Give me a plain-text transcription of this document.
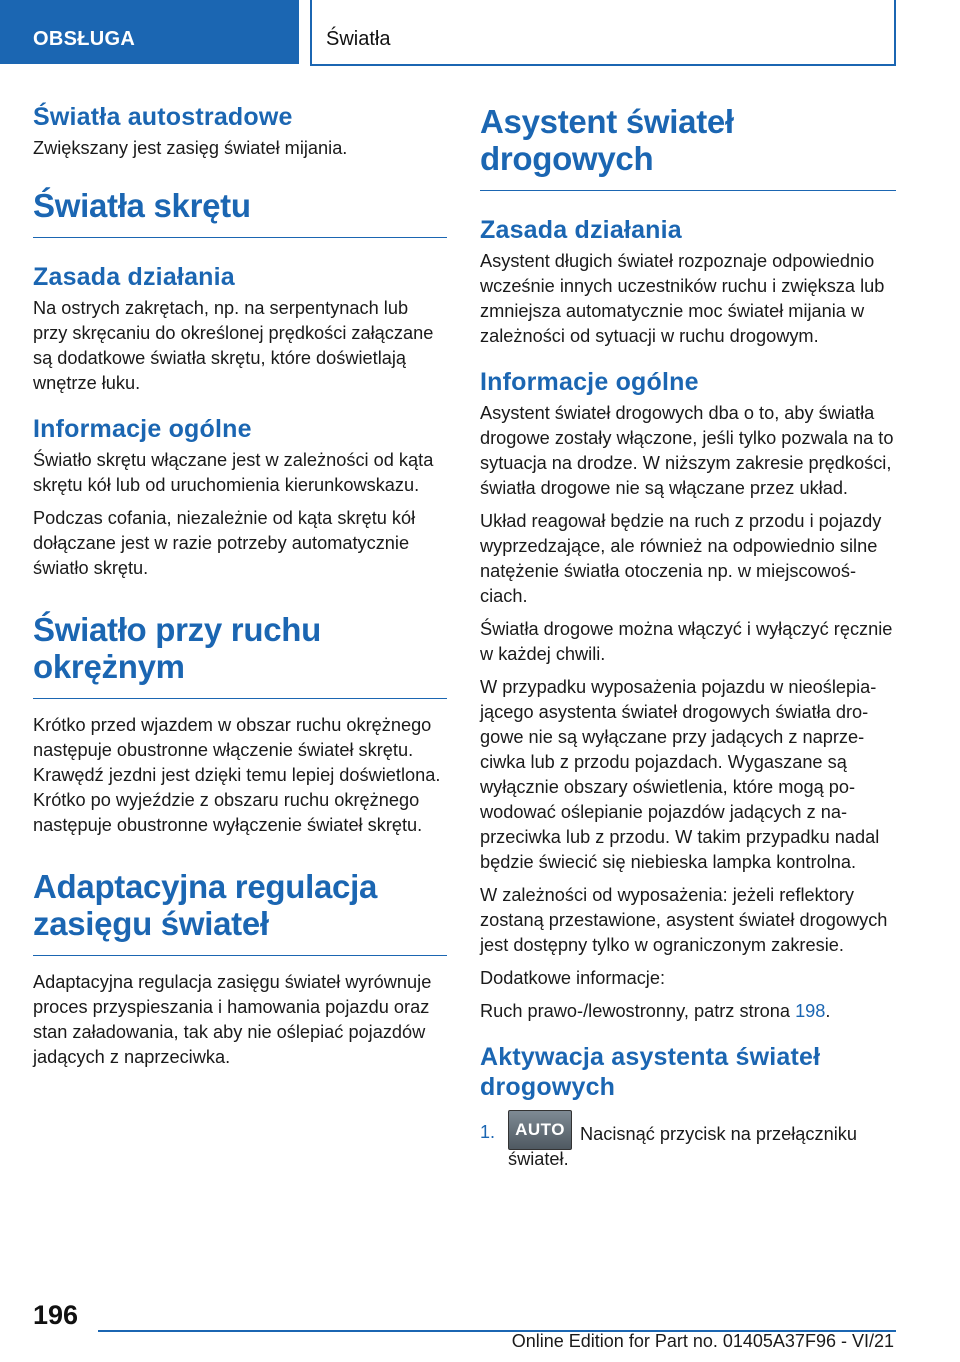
OBSŁUGA	Światła
Światła autostradowe

Zwiększany jest zasięg świateł mijania.

Światła skrętu
Zasada działania

Na ostrych zakrętach, np. na serpentynach lub przy skręcaniu do określonej prędkości załączane są dodatkowe światła skrętu, które doświetlają wnętrze łuku.

Informacje ogólne

Światło skrętu włączane jest w zależności od kąta skrętu kół lub od uruchomienia kierunkowskazu.

Podczas cofania, niezależnie od kąta skrętu kół dołączane jest w razie potrzeby automatycznie światło skrętu.

Światło przy ruchu okrężnym

Krótko przed wjazdem w obszar ruchu okrężnego następuje obustronne włączenie świateł skrętu. Krawędź jezdni jest dzięki temu lepiej doświetlona. Krótko po wyjeździe z obszaru ruchu okrężnego następuje obustronne wyłączenie świateł skrętu.

Adaptacyjna regulacja zasięgu świateł

Adaptacyjna regulacja zasięgu świateł wyrównuje proces przyspieszania i hamowania pojazdu oraz stan załadowania, tak aby nie oślepiać pojazdów jadących z naprzeciwka.

Asystent świateł drogowych
Zasada działania

Asystent długich świateł rozpoznaje odpowiednio wcześnie innych uczestników ruchu i zwiększa lub zmniejsza automatycznie moc świateł mijania w zależności od sytuacji w ruchu drogowym.

Informacje ogólne

Asystent świateł drogowych dba o to, aby światła drogowe zostały włączone, jeśli tylko pozwala na to sytuacja na drodze. W niższym zakresie prędkości, światła drogowe nie są włączane przez układ.

Układ reagował będzie na ruch z przodu i pojazdy wyprzedzające, ale również na odpowiednio silne natężenie światła otoczenia np. w miejscowościach.

Światła drogowe można włączyć i wyłączyć ręcznie w każdej chwili.

W przypadku wyposażenia pojazdu w nieoślepiającego asystenta świateł drogowych światła drogowe nie są wyłączane przy jadących z naprzeciwka lub z przodu pojazdach. Wygaszane są wyłącznie obszary oświetlenia, które mogą powodować oślepianie pojazdów jadących z naprzeciwka lub z przodu. W takim przypadku nadal będzie świecić się niebieska lampka kontrolna.

W zależności od wyposażenia: jeżeli reflektory zostaną przestawione, asystent świateł drogowych jest dostępny tylko w ograniczonym zakresie.

Dodatkowe informacje:

Ruch prawo-/lewostronny, patrz strona 198.

Aktywacja asystenta świateł drogowych
1.	AUTO Nacisnąć przycisk na przełączniku
świateł.
196
Online Edition for Part no. 01405A37F96 - VI/21
